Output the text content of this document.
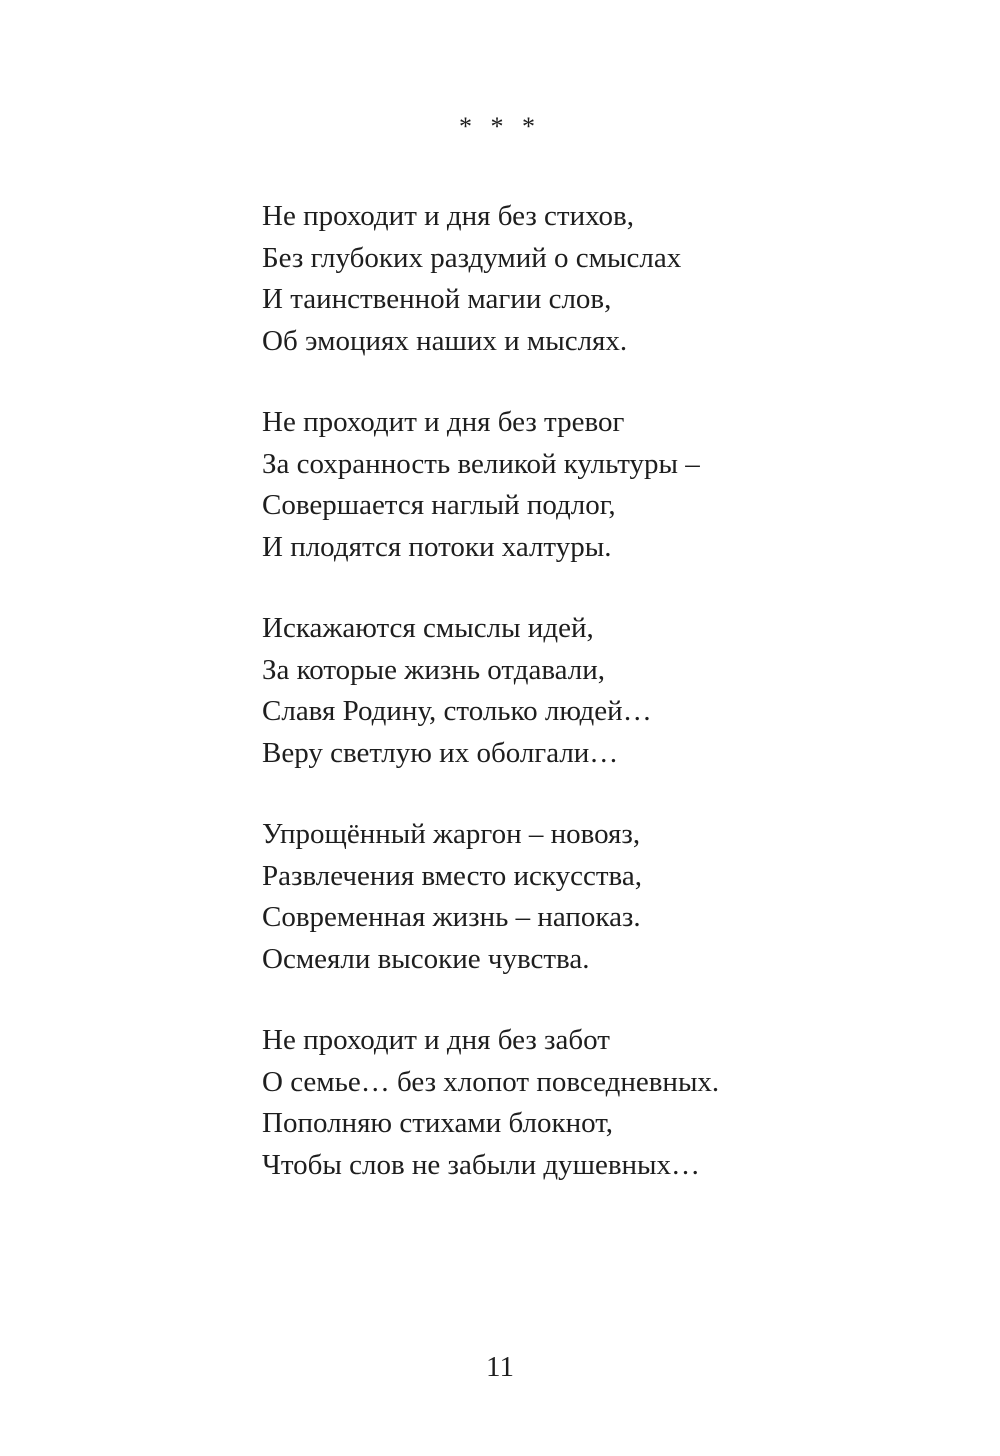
* * *
Не проходит и дня без стихов,
Без глубоких раздумий о смыслах
И таинственной магии слов,
Об эмоциях наших и мыслях.
Не проходит и дня без тревог
За сохранность великой культуры –
Совершается наглый подлог,
И плодятся потоки халтуры.
Искажаются смыслы идей,
За которые жизнь отдавали,
Славя Родину, столько людей…
Веру светлую их оболгали…
Упрощённый жаргон – новояз,
Развлечения вместо искусства,
Современная жизнь – напоказ.
Осмеяли высокие чувства.
Не проходит и дня без забот
О семье… без хлопот повседневных.
Пополняю стихами блокнот,
Чтобы слов не забыли душевных…
11
